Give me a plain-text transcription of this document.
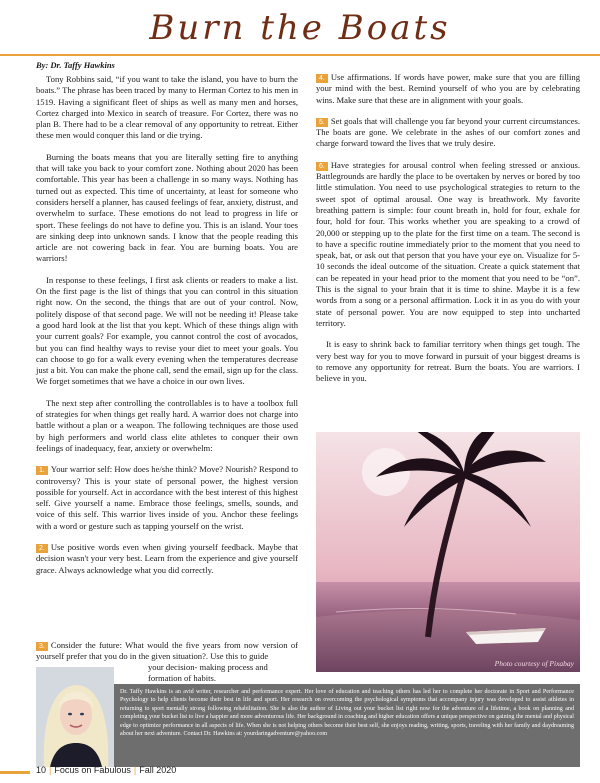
Burn the Boats
By: Dr. Taffy Hawkins

Tony Robbins said, “if you want to take the island, you have to burn the boats.” The phrase has been traced by many to Herman Cortez to his men in 1519. Having a significant fleet of ships as well as many men and horses, Cortez charged into Mexico in search of treasure. For Cortez, there was no plan B. There had to be a clear removal of any opportunity to retreat. Either these men would conquer this land or die trying.

Burning the boats means that you are literally setting fire to anything that will take you back to your comfort zone. Nothing about 2020 has been comfortable. This year has been a challenge in so many ways. Nothing has turned out as expected. This time of uncertainty, at least for someone who considers herself a planner, has caused feelings of fear, anxiety, distrust, and overwhelm to surface. These emotions do not lead to progress in life or sport. These feelings do not have to define you. This is an island. Your toes are sinking deep into unknown sands. I know that the people reading this article are not cowering back in fear. You are burning boats. You are warriors!

In response to these feelings, I first ask clients or readers to make a list. On the first page is the list of things that you can control in this situation right now. On the second, the things that are out of your control. Now, politely dispose of that second page. We will not be needing it! Please take a good hard look at the list that you kept. Which of these things align with your current goals? For example, you cannot control the cost of avocados, but you can find healthy ways to revise your diet to meet your goals. You can choose to go for a walk every evening when the temperatures decrease just a bit. You can make the phone call, send the email, sign up for the class. We forget sometimes that we have a choice in our own lives.

The next step after controlling the controllables is to have a toolbox full of strategies for when things get really hard. A warrior does not charge into battle without a plan or a weapon. The following techniques are those used by high performers and world class elite athletes to conquer their own feelings of inadequacy, fear, anxiety or overwhelm:

1. Your warrior self: How does he/she think? Move? Nourish? Respond to controversy? This is your state of personal power, the highest version possible for yourself. Act in accordance with the best interest of this highest self. Give yourself a name. Embrace those feelings, smells, sounds, and voice of this self. This warrior lives inside of you. Anchor these feelings with a word or gesture such as tapping yourself on the wrist.

2. Use positive words even when giving yourself feedback. Maybe that decision wasn't your very best. Learn from the experience and give yourself grace. Always acknowledge what you did correctly.

3. Consider the future: What would the five years from now version of yourself prefer that you do in the given situation?. Use this to guide
your decision- making process and formation of habits.

4. Use affirmations. If words have power, make sure that you are filling your mind with the best. Remind yourself of who you are by celebrating wins. Make sure that these are in alignment with your goals.

5. Set goals that will challenge you far beyond your current circumstances. The boats are gone. We celebrate in the ashes of our comfort zones and charge forward toward the lives that we truly desire.

6. Have strategies for arousal control when feeling stressed or anxious. Battlegrounds are hardly the place to be overtaken by nerves or bored by too little stimulation. You need to use psychological strategies to return to the sweet spot of optimal arousal. One way is breathwork. My favorite breathing pattern is simple: four count breath in, hold for four, exhale for four, hold for four. This works whether you are speaking to a crowd of 20,000 or stepping up to the plate for the first time on a team. The second is to have a specific routine immediately prior to the moment that you need to speak, bat, or ask out that person that you have your eye on. Visualize for 5-10 seconds the ideal outcome of the situation. Create a quick statement that can be repeated in your head prior to the moment that you need to be “on”. This is the signal to your brain that it is time to shine. Maybe it is a few words from a song or a personal affirmation. Lock it in as you do with your state of personal power. You are now equipped to step into uncharted territory.

It is easy to shrink back to familiar territory when things get tough. The very best way for you to move forward in pursuit of your biggest dreams is to remove any opportunity for retreat. Burn the boats. You are warriors. I believe in you.

Photo courtesy of Pixabay
Dr. Taffy Hawkins is an avid writer, researcher and performance expert. Her love of education and teaching others has led her to complete her doctorate in Sport and Performance Psychology to help clients become their best in life and sport. Her research on overcoming the psychological symptoms that accompany injury was developed to assist athletes in returning to sport mentally strong following rehabilitation. She is also the author of Living out your bucket list right now for the adventure of a lifetime, a book on planning and completing your bucket list to live a happier and more adventurous life. Her background in coaching and higher education offers a unique perspective on gaining the mental and physical edge to optimize performance in all aspects of life. When she is not helping others become their best self, she enjoys reading, writing, sports, traveling with her family and daydreaming about her next adventure. Contact Dr. Hawkins at: yourdaringadventure@yahoo.com
10 | Focus on Fabulous | Fall 2020
